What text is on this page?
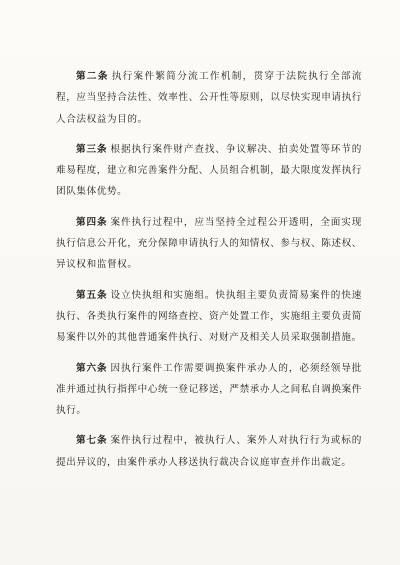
第二条 执行案件繁简分流工作机制，贯穿于法院执行全部流程，应当坚持合法性、效率性、公开性等原则，以尽快实现申请执行人合法权益为目的。

第三条 根据执行案件财产查找、争议解决、拍卖处置等环节的难易程度，建立和完善案件分配、人员组合机制，最大限度发挥执行团队集体优势。

第四条 案件执行过程中，应当坚持全过程公开透明，全面实现执行信息公开化，充分保障申请执行人的知情权、参与权、陈述权、异议权和监督权。

第五条 设立快执组和实施组。快执组主要负责简易案件的快速执行、各类执行案件的网络查控、资产处置工作，实施组主要负责简易案件以外的其他普通案件执行、对财产及相关人员采取强制措施。

第六条 因执行案件工作需要调换案件承办人的，必须经领导批准并通过执行指挥中心统一登记移送，严禁承办人之间私自调换案件执行。

第七条 案件执行过程中，被执行人、案外人对执行行为或标的提出异议的，由案件承办人移送执行裁决合议庭审查并作出裁定。
